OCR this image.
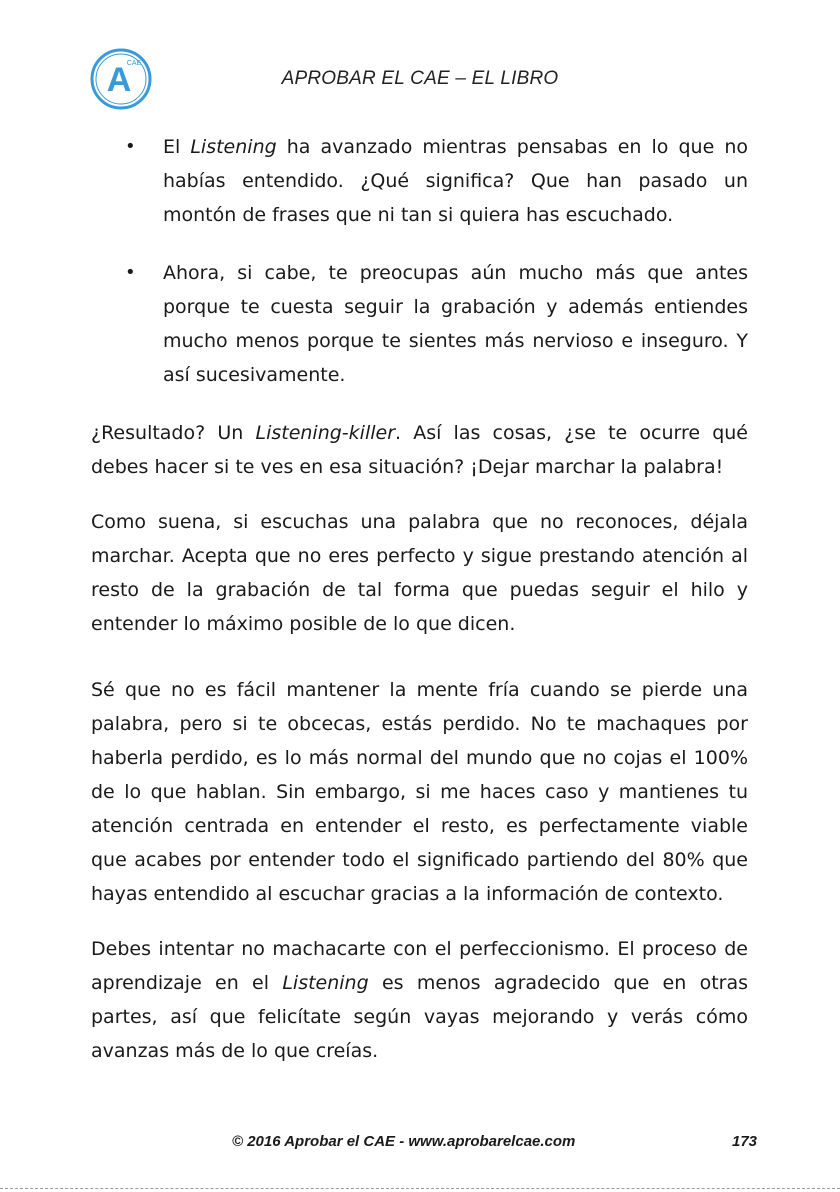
A
CAE
APROBAR EL CAE – EL LIBRO
• El Listening ha avanzado mientras pensabas en lo que no habías entendido. ¿Qué significa? Que han pasado un montón de frases que ni tan si quiera has escuchado.
• Ahora, si cabe, te preocupas aún mucho más que antes porque te cuesta seguir la grabación y además entiendes mucho menos porque te sientes más nervioso e inseguro. Y así sucesivamente.

¿Resultado? Un Listening-killer. Así las cosas, ¿se te ocurre qué debes hacer si te ves en esa situación? ¡Dejar marchar la palabra!

Como suena, si escuchas una palabra que no reconoces, déjala marchar. Acepta que no eres perfecto y sigue prestando atención al resto de la grabación de tal forma que puedas seguir el hilo y entender lo máximo posible de lo que dicen.

Sé que no es fácil mantener la mente fría cuando se pierde una palabra, pero si te obcecas, estás perdido. No te machaques por haberla perdido, es lo más normal del mundo que no cojas el 100% de lo que hablan. Sin embargo, si me haces caso y mantienes tu atención centrada en entender el resto, es perfectamente viable que acabes por entender todo el significado partiendo del 80% que hayas entendido al escuchar gracias a la información de contexto.

Debes intentar no machacarte con el perfeccionismo. El proceso de aprendizaje en el Listening es menos agradecido que en otras partes, así que felicítate según vayas mejorando y verás cómo avanzas más de lo que creías.

© 2016 Aprobar el CAE - www.aprobarelcae.com	173
